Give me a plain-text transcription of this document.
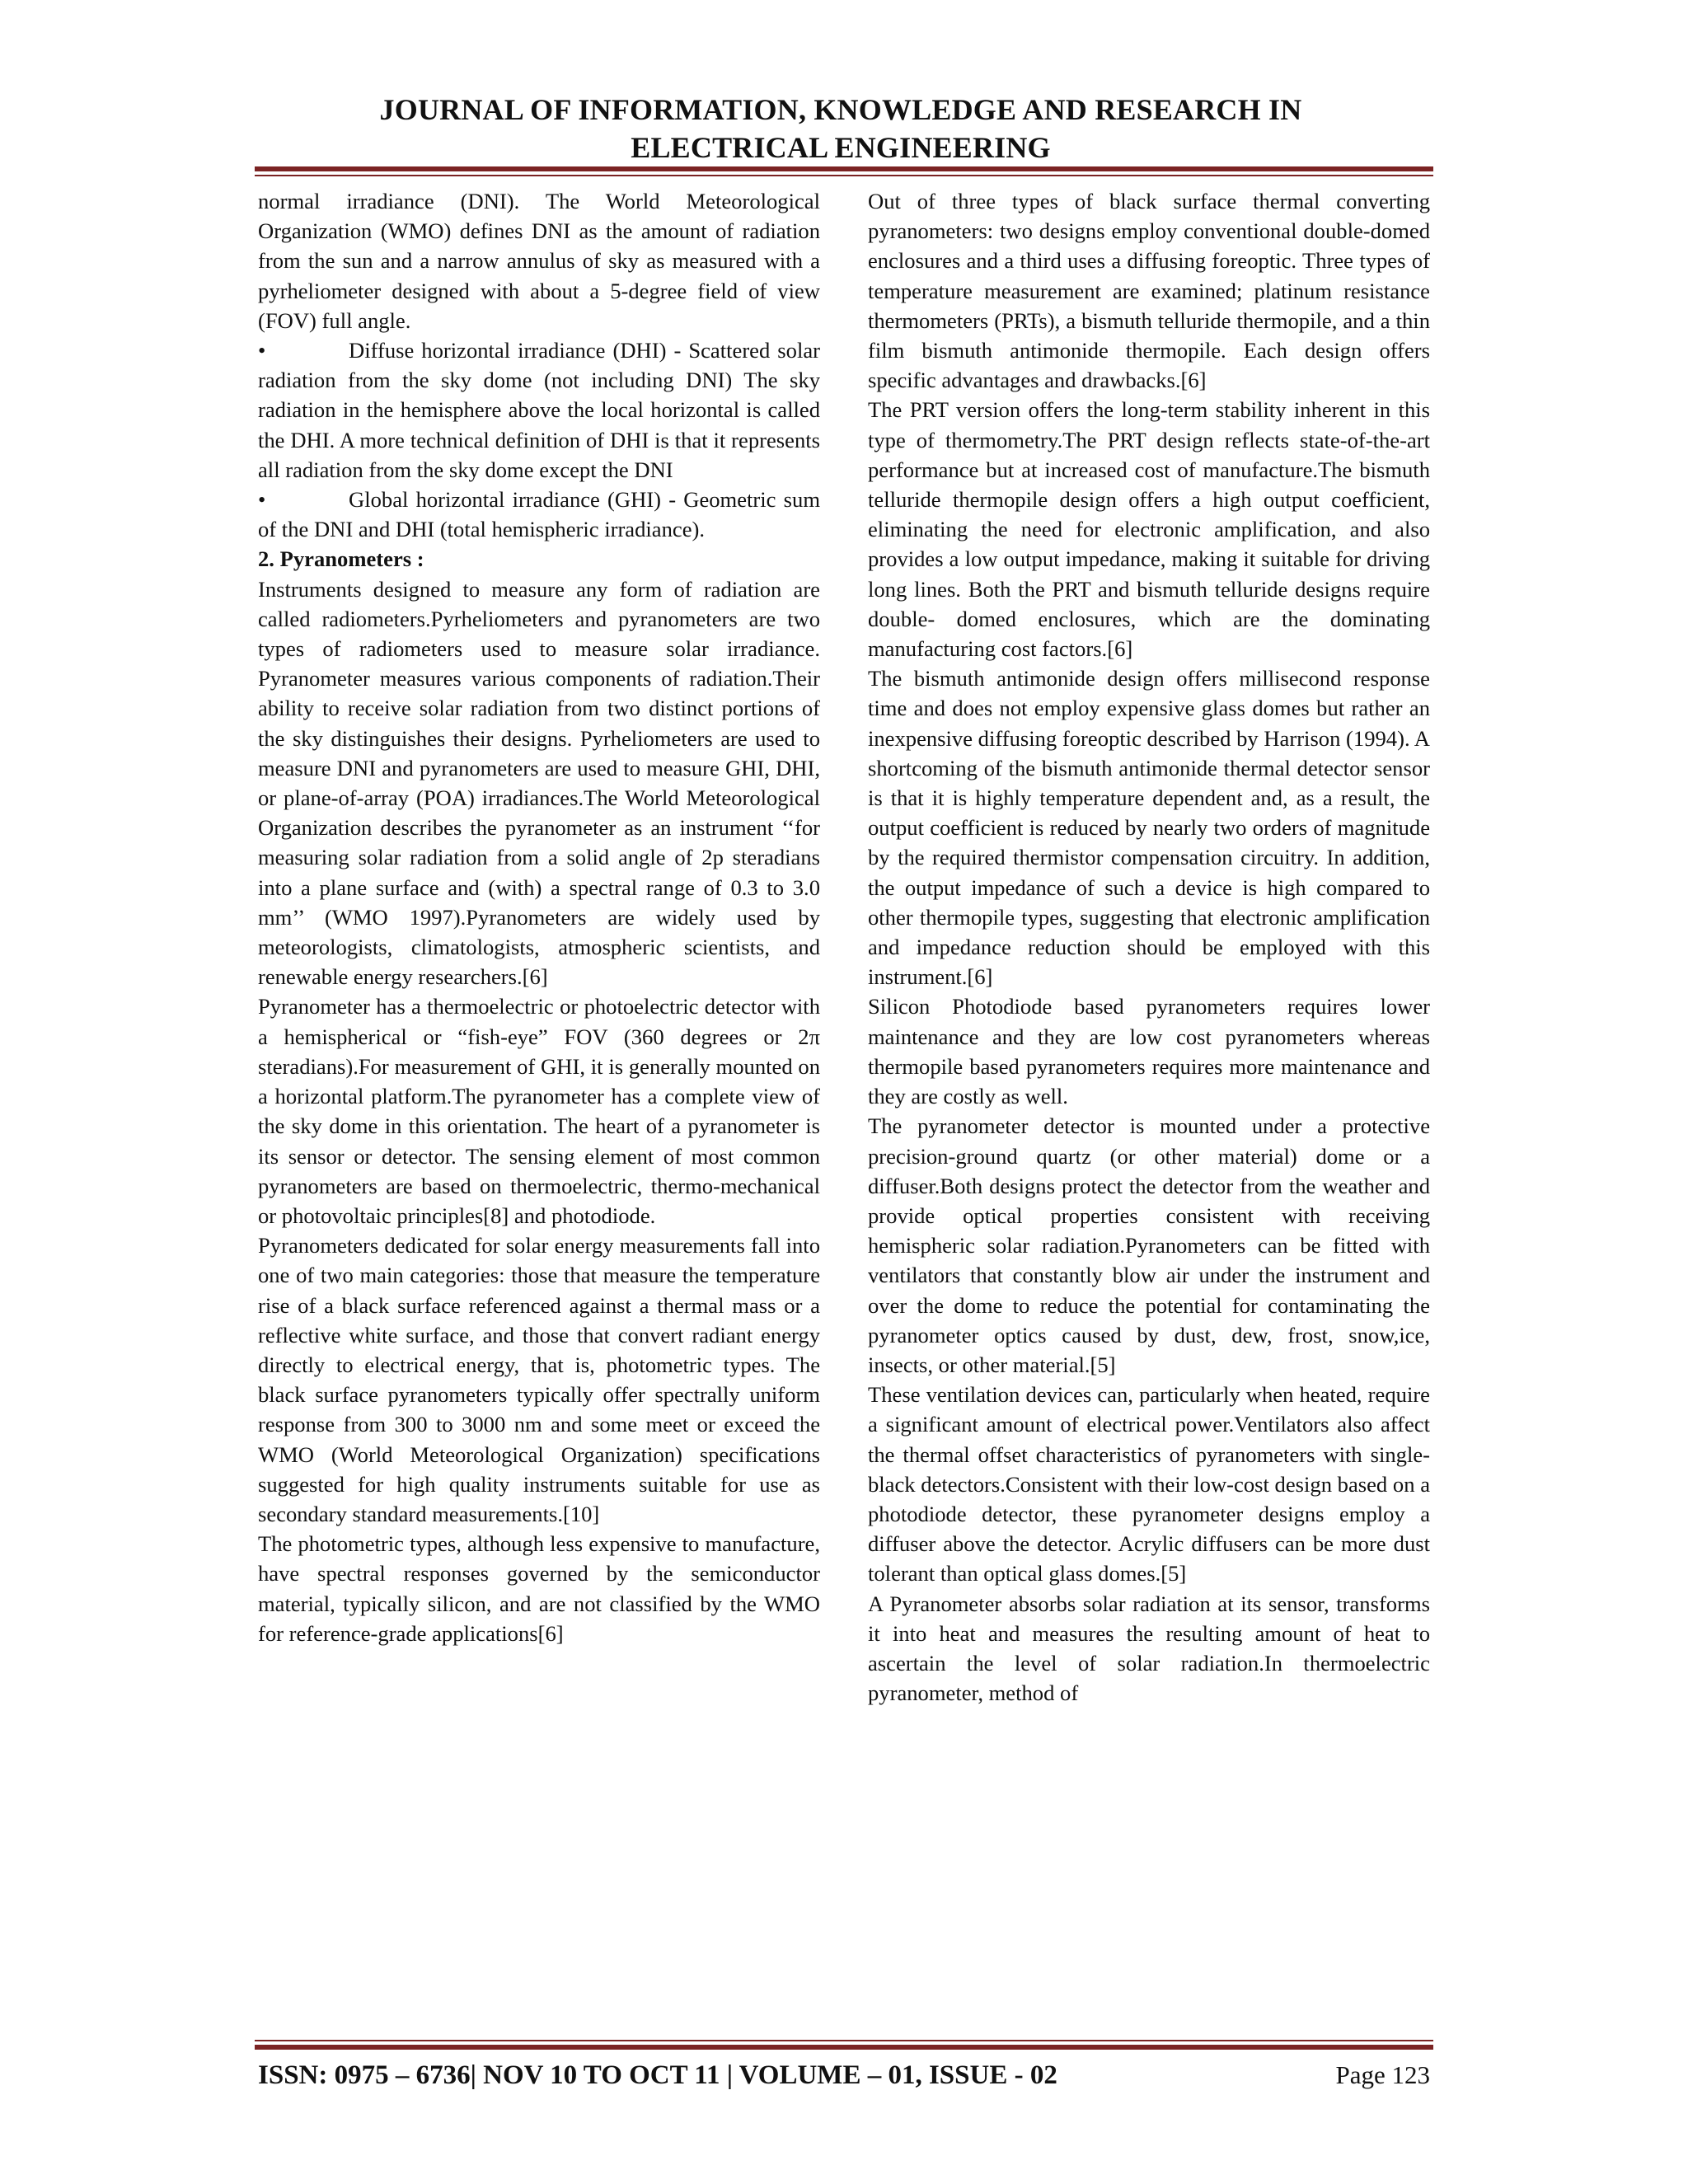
JOURNAL OF INFORMATION, KNOWLEDGE AND RESEARCH IN
ELECTRICAL ENGINEERING

normal irradiance (DNI). The World Meteorological Organization (WMO) defines DNI as the amount of radiation from the sun and a narrow annulus of sky as measured with a pyrheliometer designed with about a 5-degree field of view (FOV) full angle.

•	Diffuse horizontal irradiance (DHI) - Scattered solar radiation from the sky dome (not including DNI) The sky radiation in the hemisphere above the local horizontal is called the DHI. A more technical definition of DHI is that it represents all radiation from the sky dome except the DNI

•	Global horizontal irradiance (GHI) - Geometric sum of the DNI and DHI (total hemispheric irradiance).

2. Pyranometers :

Instruments designed to measure any form of radiation are called radiometers.Pyrheliometers and pyranometers are two types of radiometers used to measure solar irradiance. Pyranometer measures various components of radiation.Their ability to receive solar radiation from two distinct portions of the sky distinguishes their designs. Pyrheliometers are used to measure DNI and pyranometers are used to measure GHI, DHI, or plane-of-array (POA) irradiances.The World Meteorological Organization describes the pyranometer as an instrument ‘‘for measuring solar radiation from a solid angle of 2p steradians into a plane surface and (with) a spectral range of 0.3 to 3.0 mm’’ (WMO 1997).Pyranometers are widely used by meteorologists, climatologists, atmospheric scientists, and renewable energy researchers.[6]

Pyranometer has a thermoelectric or photoelectric detector with a hemispherical or “fish-eye” FOV (360 degrees or 2π steradians).For measurement of GHI, it is generally mounted on a horizontal platform.The pyranometer has a complete view of the sky dome in this orientation. The heart of a pyranometer is its sensor or detector. The sensing element of most common pyranometers are based on thermoelectric, thermo-mechanical or photovoltaic principles[8] and photodiode.

Pyranometers dedicated for solar energy measurements fall into one of two main categories: those that measure the temperature rise of a black surface referenced against a thermal mass or a reflective white surface, and those that convert radiant energy directly to electrical energy, that is, photometric types. The black surface pyranometers typically offer spectrally uniform response from 300 to 3000 nm and some meet or exceed the WMO (World Meteorological Organization) specifications suggested for high quality instruments suitable for use as secondary standard measurements.[10]

The photometric types, although less expensive to manufacture, have spectral responses governed by the semiconductor material, typically silicon, and are not classified by the WMO for reference-grade applications[6]

Out of three types of black surface thermal converting pyranometers: two designs employ conventional double-domed enclosures and a third uses a diffusing foreoptic. Three types of temperature measurement are examined; platinum resistance thermometers (PRTs), a bismuth telluride thermopile, and a thin film bismuth antimonide thermopile. Each design offers specific advantages and drawbacks.[6]

The PRT version offers the long-term stability inherent in this type of thermometry.The PRT design reflects state-of-the-art performance but at increased cost of manufacture.The bismuth telluride thermopile design offers a high output coefficient, eliminating the need for electronic amplification, and also provides a low output impedance, making it suitable for driving long lines. Both the PRT and bismuth telluride designs require double- domed enclosures, which are the dominating manufacturing cost factors.[6]

The bismuth antimonide design offers millisecond response time and does not employ expensive glass domes but rather an inexpensive diffusing foreoptic described by Harrison (1994). A shortcoming of the bismuth antimonide thermal detector sensor is that it is highly temperature dependent and, as a result, the output coefficient is reduced by nearly two orders of magnitude by the required thermistor compensation circuitry. In addition, the output impedance of such a device is high compared to other thermopile types, suggesting that electronic amplification and impedance reduction should be employed with this instrument.[6]

Silicon Photodiode based pyranometers requires lower maintenance and they are low cost pyranometers whereas thermopile based pyranometers requires more maintenance and they are costly as well.

The pyranometer detector is mounted under a protective precision-ground quartz (or other material) dome or a diffuser.Both designs protect the detector from the weather and provide optical properties consistent with receiving hemispheric solar radiation.Pyranometers can be fitted with ventilators that constantly blow air under the instrument and over the dome to reduce the potential for contaminating the pyranometer optics caused by dust, dew, frost, snow,ice, insects, or other material.[5]

These ventilation devices can, particularly when heated, require a significant amount of electrical power.Ventilators also affect the thermal offset characteristics of pyranometers with single-black detectors.Consistent with their low-cost design based on a photodiode detector, these pyranometer designs employ a diffuser above the detector. Acrylic diffusers can be more dust tolerant than optical glass domes.[5]

A Pyranometer absorbs solar radiation at its sensor, transforms it into heat and measures the resulting amount of heat to ascertain the level of solar radiation.In thermoelectric pyranometer, method of

ISSN: 0975 – 6736| NOV 10 TO OCT 11 | VOLUME – 01, ISSUE - 02	Page 123
